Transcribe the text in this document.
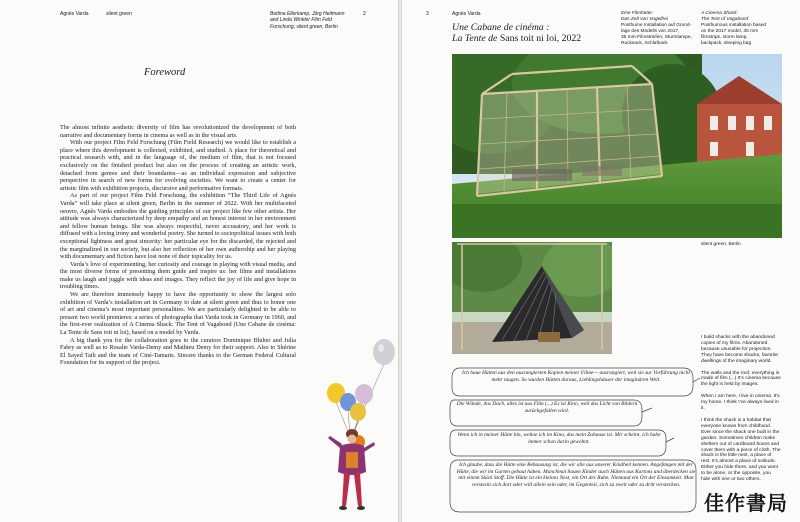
Agnès Varda	silent green	Bettina Ellerkamp, Jörg Heitmann
and Linda Winkler Film Feld
Forschung, silent green, Berlin
2
Foreword

The almost infinite aesthetic diversity of film has revolutionized the development of both narrative and documentary forms in cinema as well as in the visual arts.

With our project Film Feld Forschung (Film Field Research) we would like to establish a place where this development is collected, exhibited, and studied. A place for theoretical and practical research with, and in the language of, the medium of film, that is not focused exclusively on the finished product but also on the process of creating an artistic work, detached from genres and their boundaries—as an individual expression and subjective perspective in search of new forms for evolving societies. We want to create a center for artistic film with exhibition projects, discursive and performative formats.

As part of our project Film Feld Forschung, the exhibition “The Third Life of Agnès Varda” will take place at silent green, Berlin in the summer of 2022. With her multifaceted oeuvre, Agnès Varda embodies the guiding principles of our project like few other artists. Her attitude was always characterized by deep empathy and an honest interest in her environment and fellow human beings. She was always respectful, never accusatory, and her work is diffused with a loving irony and wonderful poetry. She turned to sociopolitical issues with both exceptional lightness and great sincerity: her particular eye for the discarded, the rejected and the marginalized in our society, but also her reflection of her own authorship and her playing with documentary and fiction have lost none of their topicality for us.

Varda’s love of experimenting, her curiosity and courage in playing with visual media, and the most diverse forms of presenting them guide and inspire us: her films and installations make us laugh and juggle with ideas and images. They reflect the joy of life and give hope in troubling times.

We are therefore immensely happy to have the opportunity to show the largest solo exhibition of Varda’s installation art in Germany to date at silent green and thus to honor one of art and cinema’s most important personalities. We are particularly delighted to be able to present two world premieres: a series of photographs that Varda took in Germany in 1960, and the first-ever realization of A Cinema Shack: The Tent of Vagabond (Une Cabane de cinéma: La Tente de Sans toit ni loi), based on a model by Varda.

A big thank you for the collaboration goes to the curators Dominique Bluher and Julia Fabry as well as to Rosalie Varda-Demy and Mathieu Demy for their support. Also to Shérine El Sayed Taih and the team of Ciné-Tamaris. Sincere thanks to the German Federal Cultural Foundation for its support of the project.

3	Agnès Varda
Une Cabane de cinéma :
La Tente de Sans toit ni loi, 2022
Eine Filmhütte:
Das Zelt von Vogelfrei
Posthume Installation auf Grund-
lage des Modells von 2017,
35 mm-Filmstreifen, Sturmlampe,
Rucksack, Schlafsack
A Cinema Shack:
The Tent of Vagabond
Posthumous installation based
on the 2017 model, 35 mm
filmstrips, storm lamp,
backpack, sleeping bag
silent green, Berlin
Ich baue Hütten aus den ausrangierten Kopien meiner Filme— ausrangiert, weil sie zur Vorführung nicht mehr taugen. So wurden Hütten daraus, Lieblingshäuser der imaginären Welt.
Die Wände, das Dach, alles ist aus Film (...) Es ist Kino, weil das Licht von Bildern zurückgefallen wird.
Wenn ich in meiner Hütte bin, wohne ich im Kino, das mein Zuhause ist. Mir scheint, ich habe immer schon darin gewohnt.
Ich glaube, dass die Hütte eine Behausung ist, die wir alle aus unserer Kindheit kennen. Angefangen mit der Hütte, die wir im Garten gebaut haben. Manchmal bauen Kinder auch Hütten aus Kartons und überdecken sie mit einem Stück Stoff. Die Hütte ist ein kleines Nest, ein Ort der Ruhe. Niemand ein Ort der Einsamkeit. Man versteckt sich dort oder will allein sein oder, im Gegenteil, sich zu zweit oder zu dritt verstecken.

I build shacks with the abandoned copies of my films. Abandoned because unusable for projection. They have become shacks, favorite dwellings of the imaginary world.

The walls and the roof, everything is made of film (...) It’s cinema because the light is held by images.

When I am here, I live in cinema. It’s my home. I think I’ve always lived in it.

I think the shack is a habitat that everyone knows from childhood. Ever since the shack one built in the garden. Sometimes children make shelters out of cardboard boxes and cover them with a piece of cloth. The shack is the little nest, a place of rest. It’s almost a place of solitude. Either you hide there, and you want to be alone, or the opposite, you hide with one or two others.

佳作書局
